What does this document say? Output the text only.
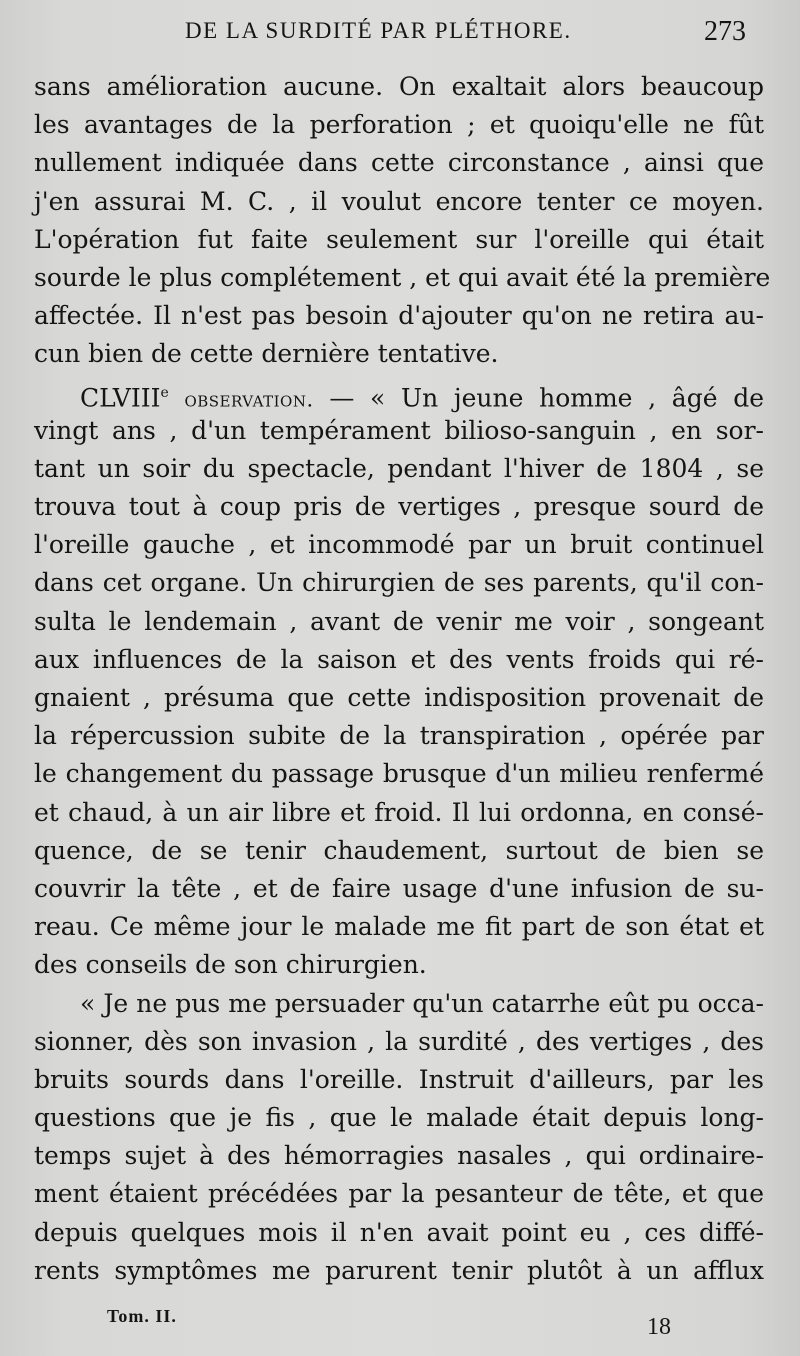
DE LA SURDITÉ PAR PLÉTHORE.	273
sans amélioration aucune. On exaltait alors beaucoup
les avantages de la perforation ; et quoiqu'elle ne fût
nullement indiquée dans cette circonstance , ainsi que
j'en assurai M. C. , il voulut encore tenter ce moyen.
L'opération fut faite seulement sur l'oreille qui était
sourde le plus complétement , et qui avait été la première
affectée. Il n'est pas besoin d'ajouter qu'on ne retira au-
cun bien de cette dernière tentative.
CLVIIIe observation. — « Un jeune homme , âgé de
vingt ans , d'un tempérament bilioso-sanguin , en sor-
tant un soir du spectacle, pendant l'hiver de 1804 , se
trouva tout à coup pris de vertiges , presque sourd de
l'oreille gauche , et incommodé par un bruit continuel
dans cet organe. Un chirurgien de ses parents, qu'il con-
sulta le lendemain , avant de venir me voir , songeant
aux influences de la saison et des vents froids qui ré-
gnaient , présuma que cette indisposition provenait de
la répercussion subite de la transpiration , opérée par
le changement du passage brusque d'un milieu renfermé
et chaud, à un air libre et froid. Il lui ordonna, en consé-
quence, de se tenir chaudement, surtout de bien se
couvrir la tête , et de faire usage d'une infusion de su-
reau. Ce même jour le malade me fit part de son état et
des conseils de son chirurgien.
« Je ne pus me persuader qu'un catarrhe eût pu occa-
sionner, dès son invasion , la surdité , des vertiges , des
bruits sourds dans l'oreille. Instruit d'ailleurs, par les
questions que je fis , que le malade était depuis long-
temps sujet à des hémorragies nasales , qui ordinaire-
ment étaient précédées par la pesanteur de tête, et que
depuis quelques mois il n'en avait point eu , ces diffé-
rents symptômes me parurent tenir plutôt à un afflux
Tom. II.	18
